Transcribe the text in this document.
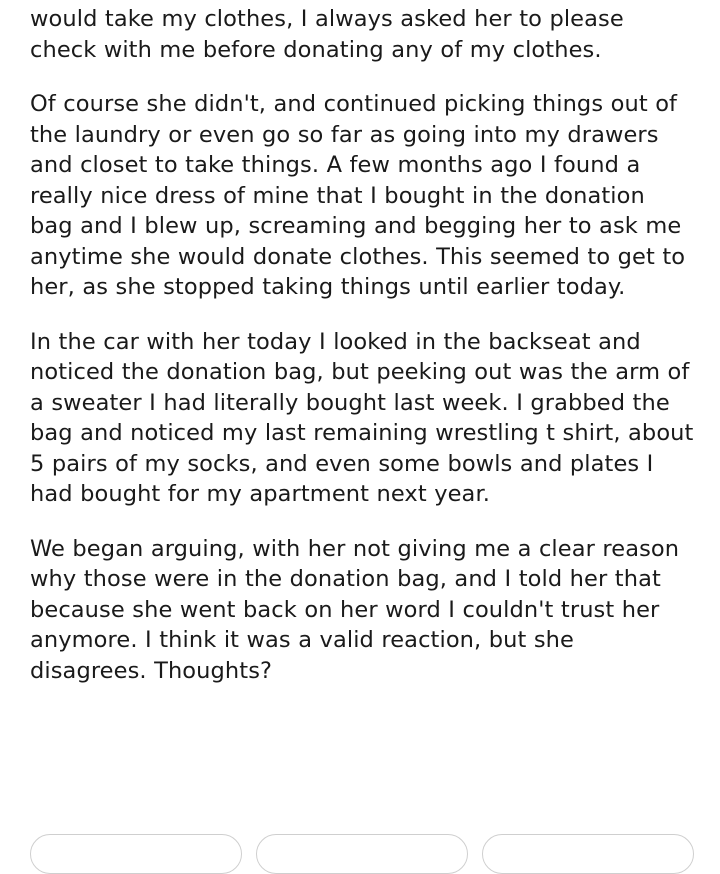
would take my clothes, I always asked her to please check with me before donating any of my clothes.

Of course she didn't, and continued picking things out of the laundry or even go so far as going into my drawers and closet to take things. A few months ago I found a really nice dress of mine that I bought in the donation bag and I blew up, screaming and begging her to ask me anytime she would donate clothes. This seemed to get to her, as she stopped taking things until earlier today.

In the car with her today I looked in the backseat and noticed the donation bag, but peeking out was the arm of a sweater I had literally bought last week. I grabbed the bag and noticed my last remaining wrestling t shirt, about 5 pairs of my socks, and even some bowls and plates I had bought for my apartment next year.

We began arguing, with her not giving me a clear reason why those were in the donation bag, and I told her that because she went back on her word I couldn't trust her anymore. I think it was a valid reaction, but she disagrees. Thoughts?
